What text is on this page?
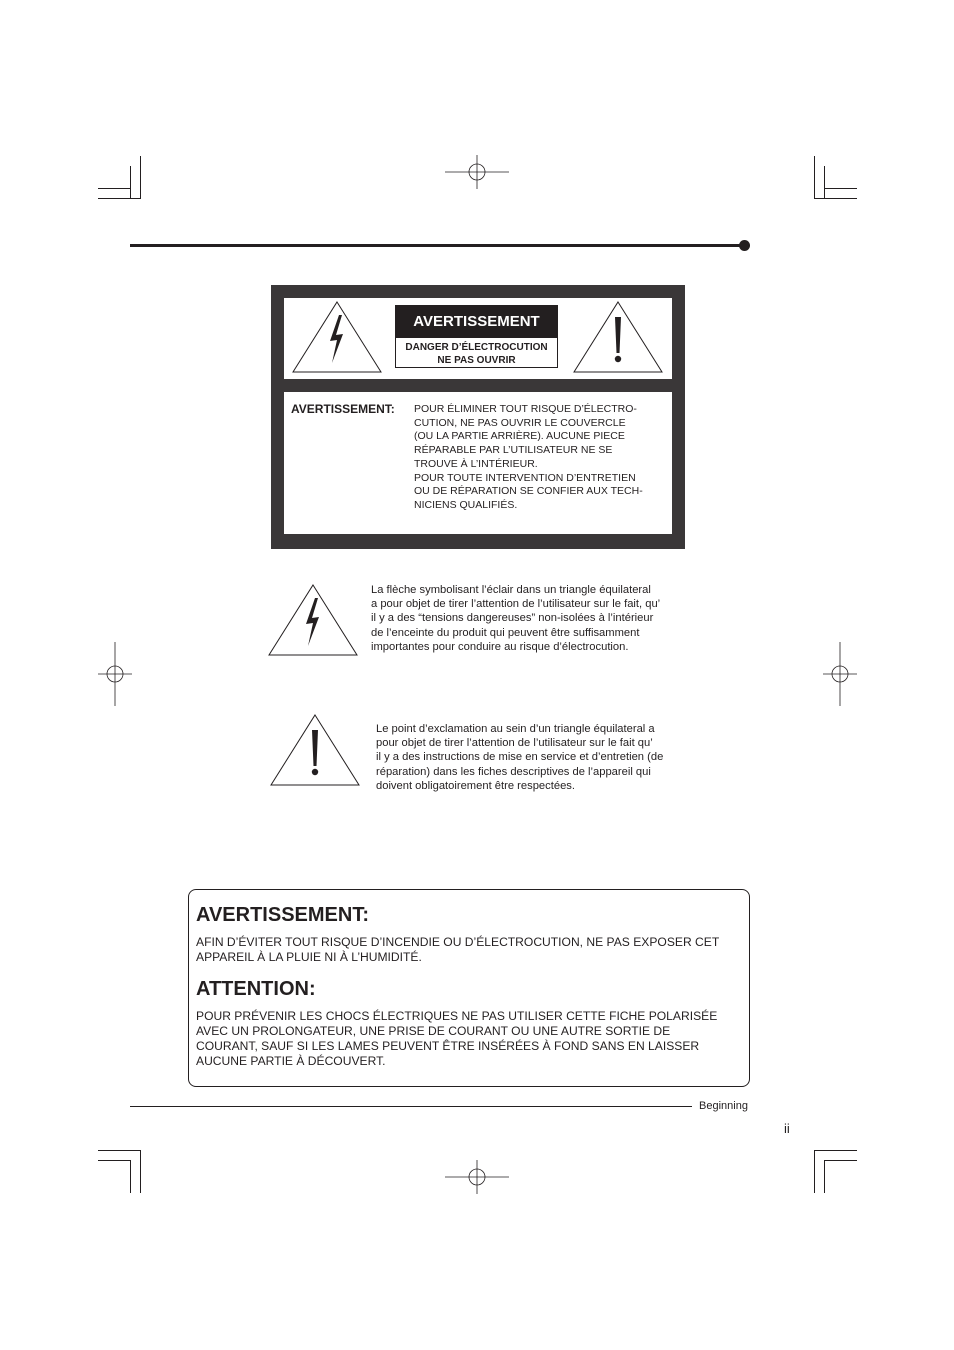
AVERTISSEMENT
DANGER D’ÉLECTROCUTION
NE PAS OUVRIR
AVERTISSEMENT: POUR ÉLIMINER TOUT RISQUE D’ÉLECTRO-
CUTION, NE PAS OUVRIR LE COUVERCLE
(OU LA PARTIE ARRIÈRE). AUCUNE PIECE
RÉPARABLE PAR L’UTILISATEUR NE SE
TROUVE À L’INTÉRIEUR.
POUR TOUTE INTERVENTION D’ENTRETIEN
OU DE RÉPARATION SE CONFIER AUX TECH-
NICIENS QUALIFIÉS.
La flèche symbolisant l’éclair dans un triangle équilateral
a pour objet de tirer l’attention de l’utilisateur sur le fait, qu’
il y a des “tensions dangereuses” non-isolées à l’intérieur
de l’enceinte du produit qui peuvent être suffisamment
importantes pour conduire au risque d’électrocution.
Le point d’exclamation au sein d’un triangle équilateral a
pour objet de tirer l’attention de l’utilisateur sur le fait qu’
il y a des instructions de mise en service et d’entretien (de
réparation) dans les fiches descriptives de l’appareil qui
doivent obligatoirement être respectées.
AVERTISSEMENT:
AFIN D’ÉVITER TOUT RISQUE D’INCENDIE OU D’ÉLECTROCUTION, NE PAS EXPOSER CET
APPAREIL À LA PLUIE NI À L’HUMIDITÉ.
ATTENTION:
POUR PRÉVENIR LES CHOCS ÉLECTRIQUES NE PAS UTILISER CETTE FICHE POLARISÉE
AVEC UN PROLONGATEUR, UNE PRISE DE COURANT OU UNE AUTRE SORTIE DE
COURANT, SAUF SI LES LAMES PEUVENT ÊTRE INSÉRÉES À FOND SANS EN LAISSER
AUCUNE PARTIE À DÉCOUVERT.
Beginning
ii
